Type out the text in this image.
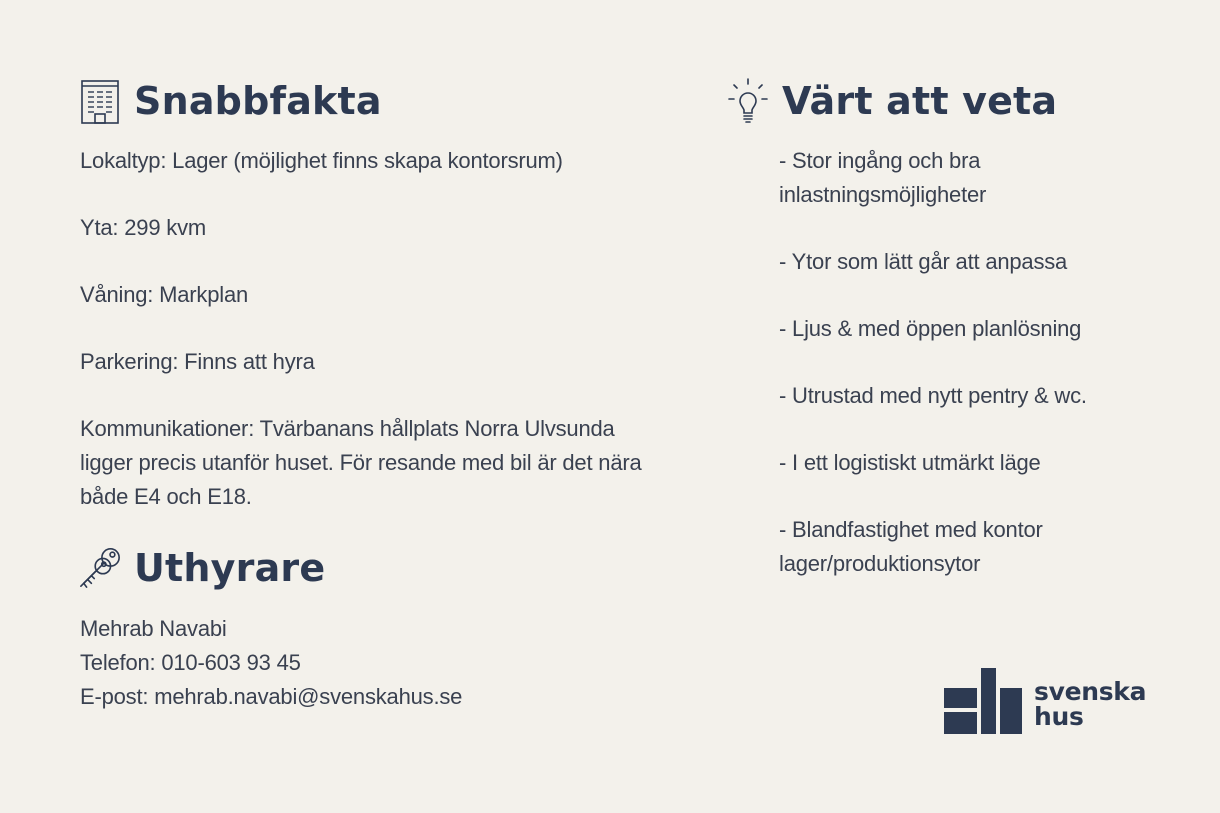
Snabbfakta

Lokaltyp: Lager (möjlighet finns skapa kontorsrum)

Yta: 299 kvm

Våning: Markplan

Parkering: Finns att hyra

Kommunikationer: Tvärbanans hållplats Norra Ulvsunda ligger precis utanför huset. För resande med bil är det nära både E4 och E18.

Uthyrare
Mehrab Navabi
Telefon: 010-603 93 45
E-post: mehrab.navabi@svenskahus.se
Värt att veta

- Stor ingång och bra inlastningsmöjligheter

- Ytor som lätt går att anpassa

- Ljus & med öppen planlösning

- Utrustad med nytt pentry & wc.

- I ett logistiskt utmärkt läge

- Blandfastighet med kontor lager/produktionsytor

svenska
hus
